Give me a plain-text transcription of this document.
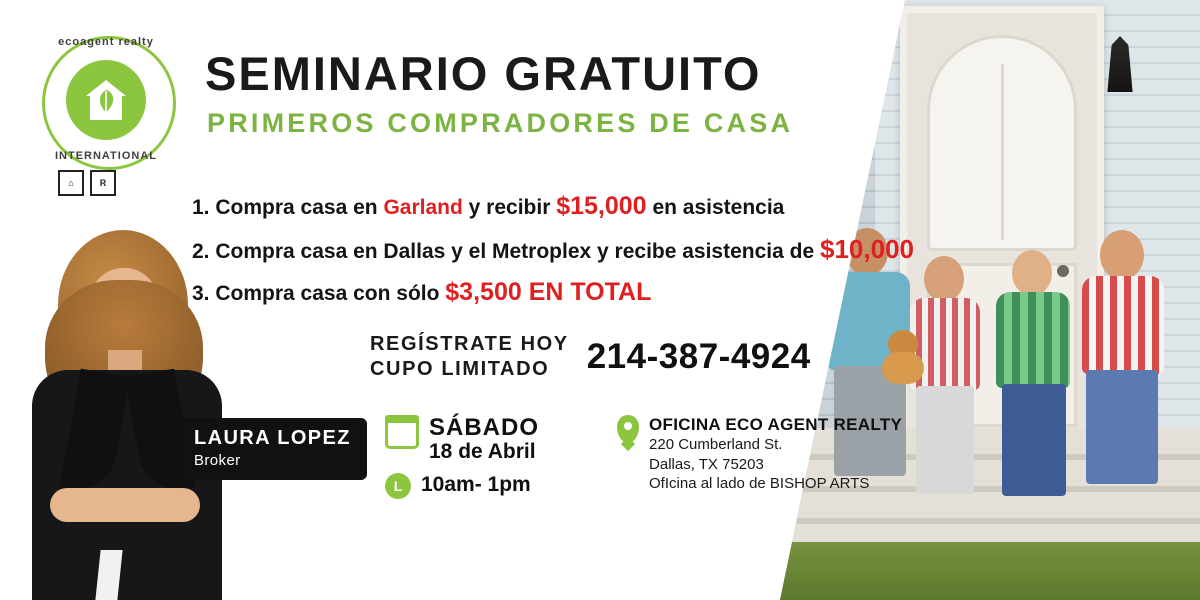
ecoagent realty
INTERNATIONAL
⌂	R
SEMINARIO GRATUITO
PRIMEROS COMPRADORES DE CASA
1. Compra casa en Garland y recibir $15,000 en asistencia
2. Compra casa en Dallas y el Metroplex y recibe asistencia de $10,000
3. Compra casa con sólo $3,500 EN TOTAL
REGÍSTRATE HOY
CUPO LIMITADO	214-387-4924
SÁBADO
18 de Abril
L 10am- 1pm
OFICINA ECO AGENT REALTY
220 Cumberland St.
Dallas, TX 75203
OfIcina al lado de BISHOP ARTS
LAURA LOPEZ
Broker
